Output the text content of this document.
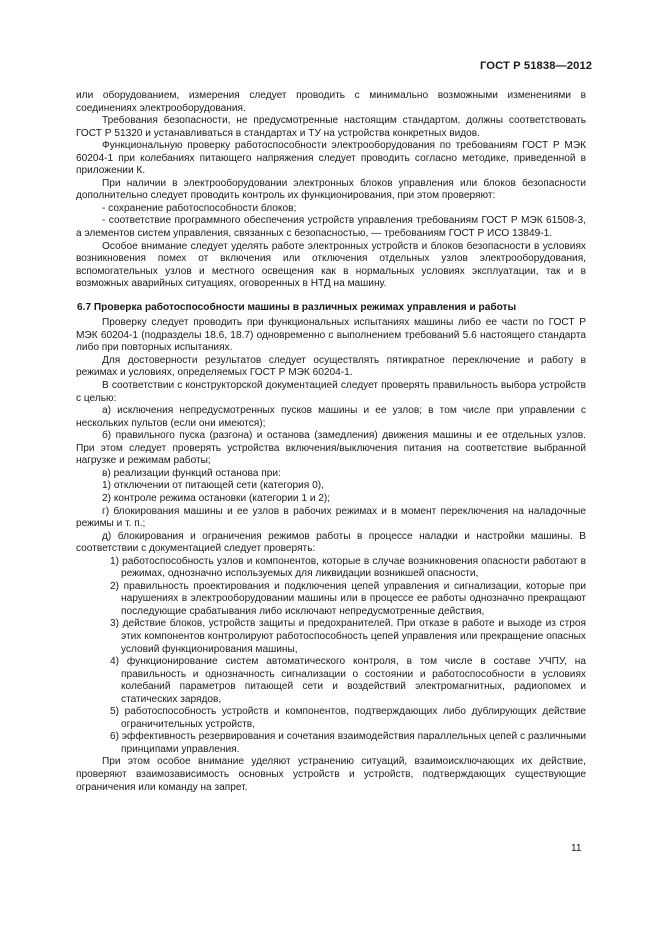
ГОСТ Р 51838—2012

или оборудованием, измерения следует проводить с минимально возможными изменениями в соединениях электрооборудования.

Требования безопасности, не предусмотренные настоящим стандартом, должны соответствовать ГОСТ Р 51320 и устанавливаться в стандартах и ТУ на устройства конкретных видов.

Функциональную проверку работоспособности электрооборудования по требованиям ГОСТ Р МЭК 60204-1 при колебаниях питающего напряжения следует проводить согласно методике, приведенной в приложении К.

При наличии в электрооборудовании электронных блоков управления или блоков безопасности дополнительно следует проводить контроль их функционирования, при этом проверяют:

- сохранение работоспособности блоков;

- соответствие программного обеспечения устройств управления требованиям ГОСТ Р МЭК 61508-3, а элементов систем управления, связанных с безопасностью, — требованиям ГОСТ Р ИСО 13849-1.

Особое внимание следует уделять работе электронных устройств и блоков безопасности в условиях возникновения помех от включения или отключения отдельных узлов электрооборудования, вспомогательных узлов и местного освещения как в нормальных условиях эксплуатации, так и в возможных аварийных ситуациях, оговоренных в НТД на машину.

6.7 Проверка работоспособности машины в различных режимах управления и работы

Проверку следует проводить при функциональных испытаниях машины либо ее части по ГОСТ Р МЭК 60204-1 (подразделы 18.6, 18.7) одновременно с выполнением требований 5.6 настоящего стандарта либо при повторных испытаниях.

Для достоверности результатов следует осуществлять пятикратное переключение и работу в режимах и условиях, определяемых ГОСТ Р МЭК 60204-1.

В соответствии с конструкторской документацией следует проверять правильность выбора устройств с целью:

а) исключения непредусмотренных пусков машины и ее узлов; в том числе при управлении с нескольких пультов (если они имеются);

б) правильного пуска (разгона) и останова (замедления) движения машины и ее отдельных узлов. При этом следует проверять устройства включения/выключения питания на соответствие выбранной нагрузке и режимам работы;

в) реализации функций останова при:

1) отключении от питающей сети (категория 0),

2) контроле режима остановки (категории 1 и 2);

г) блокирования машины и ее узлов в рабочих режимах и в момент переключения на наладочные режимы и т. п.;

д) блокирования и ограничения режимов работы в процессе наладки и настройки машины. В соответствии с документацией следует проверять:

1) работоспособность узлов и компонентов, которые в случае возникновения опасности работают в режимах, однозначно используемых для ликвидации возникшей опасности,

2) правильность проектирования и подключения цепей управления и сигнализации, которые при нарушениях в электрооборудовании машины или в процессе ее работы однозначно прекращают последующие срабатывания либо исключают непредусмотренные действия,

3) действие блоков, устройств защиты и предохранителей. При отказе в работе и выходе из строя этих компонентов контролируют работоспособность цепей управления или прекращение опасных условий функционирования машины,

4) функционирование систем автоматического контроля, в том числе в составе УЧПУ, на правильность и однозначность сигнализации о состоянии и работоспособности в условиях колебаний параметров питающей сети и воздействий электромагнитных, радиопомех и статических зарядов,

5) работоспособность устройств и компонентов, подтверждающих либо дублирующих действие ограничительных устройств,

6) эффективность резервирования и сочетания взаимодействия параллельных цепей с различными принципами управления.

При этом особое внимание уделяют устранению ситуаций, взаимоисключающих их действие, проверяют взаимозависимость основных устройств и устройств, подтверждающих существующие ограничения или команду на запрет.

11
